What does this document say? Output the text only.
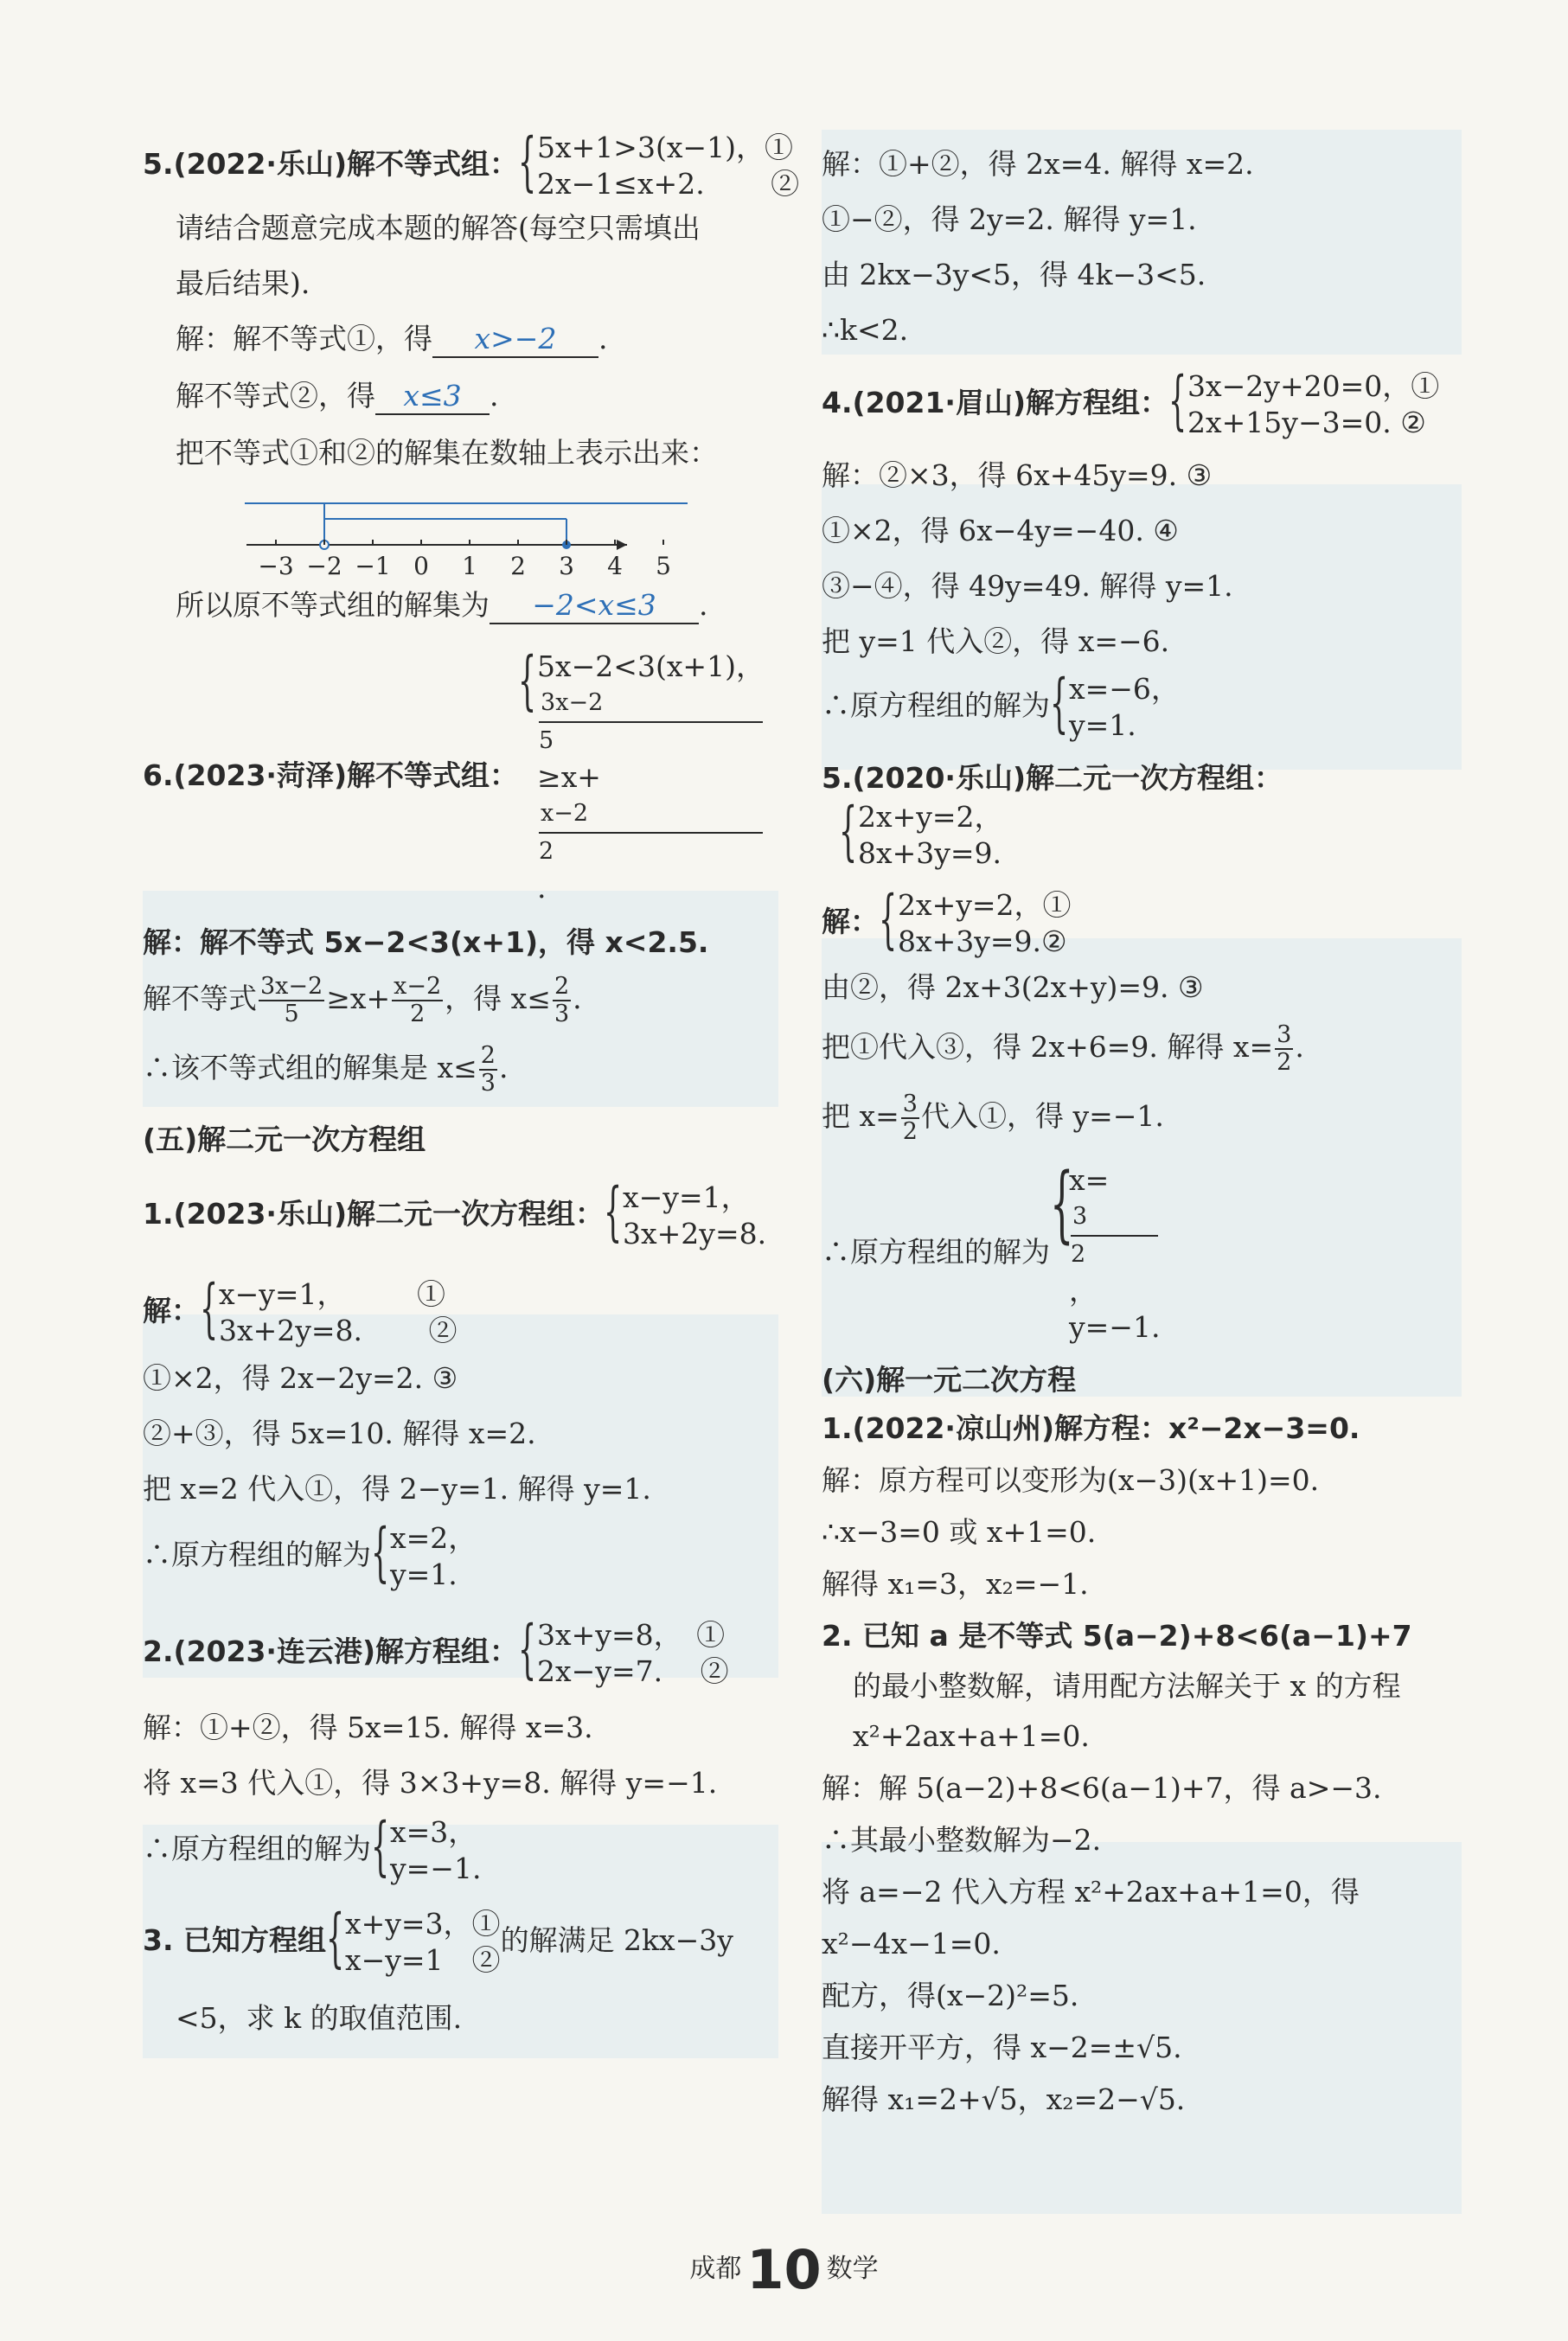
5.(2022·乐山)解不等式组： { 5x+1>3(x−1)，①
2x−1≤x+2.　　 ②
请结合题意完成本题的解答(每空只需填出
最后结果).
解：解不等式①，得 x>−2 .
解不等式②，得 x≤3 .
把不等式①和②的解集在数轴上表示出来：
−3 −2 −1 0 1 2 3 4 5
所以原不等式组的解集为 −2<x≤3 .
6.(2023·菏泽)解不等式组：
{ 5x−2<3(x+1)，
3x−2
5
≥x+
x−2
2
.
解：解不等式 5x−2<3(x+1)，得 x<2.5.
解不等式 $\frac{3x-2}{5} \ge x+ \frac{x-2}{2}$ ，得 $x\le \frac{2}{3}$ .
∴该不等式组的解集是 $x\le \frac{2}{3}$ .
(五)解二元一次方程组
1.(2023·乐山)解二元一次方程组： { x−y=1，
3x+2y=8.
解： { x−y=1，　　　①
3x+2y=8.　　 ②
①×2，得 2x−2y=2. ③
②+③，得 5x=10. 解得 x=2.
把 x=2 代入①，得 2−y=1. 解得 y=1.
∴原方程组的解为 { x=2，
y=1.
2.(2023·连云港)解方程组： { 3x+y=8，　①
2x−y=7.　 ②
解：①+②，得 5x=15. 解得 x=3.
将 x=3 代入①，得 3×3+y=8. 解得 y=−1.
∴原方程组的解为 { x=3，
y=−1.
3. 已知方程组 { x+y=3，①
x−y=1　②
的解满足 2kx−3y
<5，求 k 的取值范围.
解：①+②，得 2x=4. 解得 x=2.
①−②，得 2y=2. 解得 y=1.
由 2kx−3y<5，得 4k−3<5.
∴k<2.
4.(2021·眉山)解方程组： { 3x−2y+20=0，①
2x+15y−3=0. ②
解：②×3，得 6x+45y=9. ③
①×2，得 6x−4y=−40. ④
③−④，得 49y=49. 解得 y=1.
把 y=1 代入②，得 x=−6.
∴原方程组的解为 { x=−6，
y=1.
5.(2020·乐山)解二元一次方程组：
{ 2x+y=2，
8x+3y=9.
解： { 2x+y=2，①
8x+3y=9.②
由②，得 2x+3(2x+y)=9. ③
把①代入③，得 2x+6=9. 解得 $x= \frac{3}{2}$ .
把 $x= \frac{3}{2}$ 代入①，得 y=−1.
∴原方程组的解为 {
x=
3
2
，
y=−1.
(六)解一元二次方程
1.(2022·凉山州)解方程：x²−2x−3=0.
解：原方程可以变形为(x−3)(x+1)=0.
∴x−3=0 或 x+1=0.
解得 x₁=3，x₂=−1.
2. 已知 a 是不等式 5(a−2)+8<6(a−1)+7
的最小整数解，请用配方法解关于 x 的方程
x²+2ax+a+1=0.
解：解 5(a−2)+8<6(a−1)+7，得 a>−3.
∴其最小整数解为−2.
将 a=−2 代入方程 x²+2ax+a+1=0，得
x²−4x−1=0.
配方，得(x−2)²=5.
直接开平方，得 x−2=±√5.
解得 x₁=2+√5，x₂=2−√5.
成都10 数学
